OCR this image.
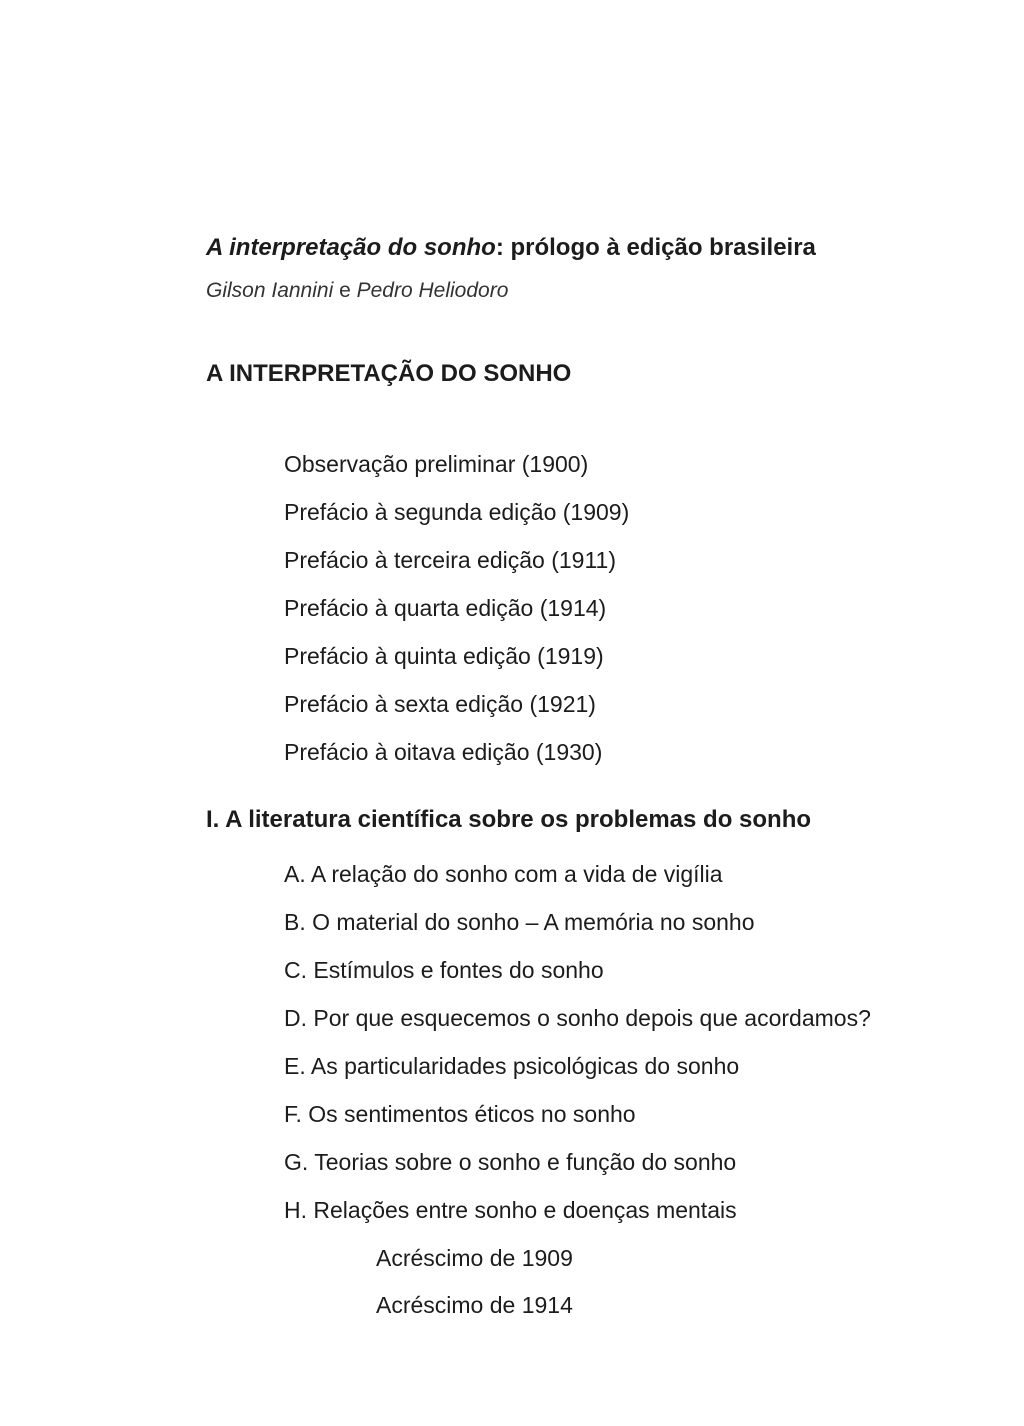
A interpretação do sonho: prólogo à edição brasileira
Gilson Iannini e Pedro Heliodoro
A INTERPRETAÇÃO DO SONHO
Observação preliminar (1900)
Prefácio à segunda edição (1909)
Prefácio à terceira edição (1911)
Prefácio à quarta edição (1914)
Prefácio à quinta edição (1919)
Prefácio à sexta edição (1921)
Prefácio à oitava edição (1930)
I. A literatura científica sobre os problemas do sonho
A. A relação do sonho com a vida de vigília
B. O material do sonho – A memória no sonho
C. Estímulos e fontes do sonho
D. Por que esquecemos o sonho depois que acordamos?
E. As particularidades psicológicas do sonho
F. Os sentimentos éticos no sonho
G. Teorias sobre o sonho e função do sonho
H. Relações entre sonho e doenças mentais
Acréscimo de 1909
Acréscimo de 1914
